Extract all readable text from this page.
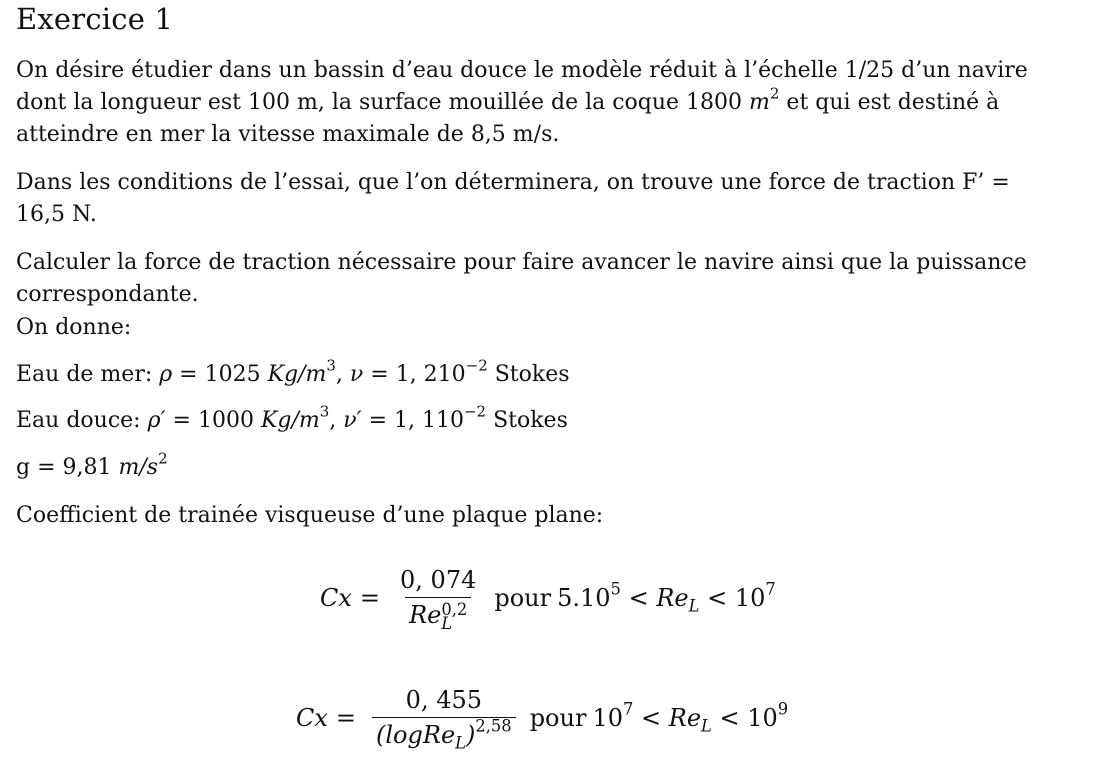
Exercice 1

On désire étudier dans un bassin d’eau douce le modèle réduit à l’échelle 1/25 d’un navire

dont la longueur est 100 m, la surface mouillée de la coque 1800 $m^2$ et qui est destiné à

atteindre en mer la vitesse maximale de 8,5 m/s.

Dans les conditions de l’essai, que l’on déterminera, on trouve une force de traction F’ =

16,5 N.

Calculer la force de traction nécessaire pour faire avancer le navire ainsi que la puissance

correspondante.

On donne:

Eau de mer: ρ = 1025 $Kg/m^3$, ν = 1, $210^{-2}$ Stokes

Eau douce: ρ′ = 1000 $Kg/m^3$, ν′ = 1, $110^{-2}$ Stokes

g = 9,81 $m/s^2$

Coefficient de trainée visqueuse d’une plaque plane:

Cx = 0, 074
Re 0,2
L pour $5.10^5 < Re_L < 10^7$
$Cx = \frac{0, 455}{(logRe_L)^{2,58}}$ pour $10^7 < Re_L < 10^9$
